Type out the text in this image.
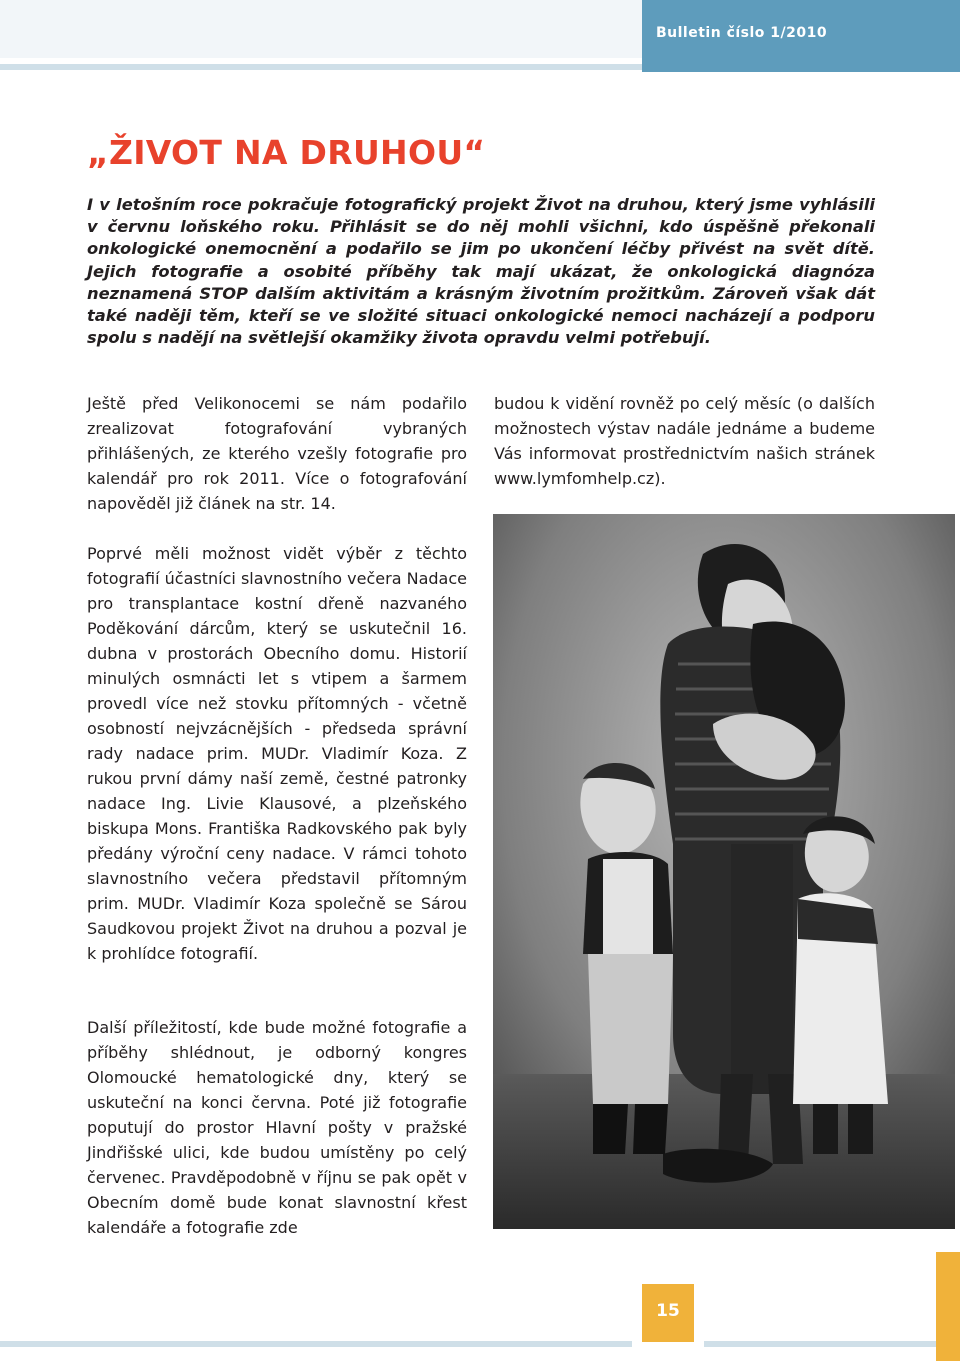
Bulletin číslo 1/2010
„ŽIVOT NA DRUHOU“

I v letošním roce pokračuje fotografický projekt Život na druhou, který jsme vyhlásili v červnu loňského roku. Přihlásit se do něj mohli všichni, kdo úspěšně překonali onkologické onemocnění a podařilo se jim po ukončení léčby přivést na svět dítě. Jejich fotografie a osobité příběhy tak mají ukázat, že onkologická diagnóza neznamená STOP dalším aktivitám a krásným životním prožitkům. Zároveň však dát také naději těm, kteří se ve složité situaci onkologické nemoci nacházejí a podporu spolu s nadějí na světlejší okamžiky života opravdu velmi potřebují.

Ještě před Velikonocemi se nám podařilo zrealizovat fotografování vybraných přihlášených, ze kterého vzešly fotografie pro kalendář pro rok 2011. Více o fotografování napověděl již článek na str. 14.

Poprvé měli možnost vidět výběr z těchto fotografií účastníci slavnostního večera Nadace pro transplantace kostní dřeně nazvaného Poděkování dárcům, který se uskutečnil 16. dubna v prostorách Obecního domu. Historií minulých osmnácti let s vtipem a šarmem provedl více než stovku přítomných - včetně osobností nejvzácnějších - předseda správní rady nadace prim. MUDr. Vladimír Koza. Z rukou první dámy naší země, čestné patronky nadace Ing. Livie Klausové, a plzeňského biskupa Mons. Františka Radkovského pak byly předány výroční ceny nadace. V rámci tohoto slavnostního večera představil přítomným prim. MUDr. Vladimír Koza společně se Sárou Saudkovou projekt Život na druhou a pozval je k prohlídce fotografií.

Další příležitostí, kde bude možné fotografie a příběhy shlédnout, je odborný kongres Olomoucké hematologické dny, který se uskuteční na konci června. Poté již fotografie poputují do prostor Hlavní pošty v pražské Jindřišské ulici, kde budou umístěny po celý červenec. Pravděpodobně v říjnu se pak opět v Obecním domě bude konat slavnostní křest kalendáře a fotografie zde

budou k vidění rovněž po celý měsíc (o dalších možnostech výstav nadále jednáme a budeme Vás informovat prostřednictvím našich stránek www.lymfomhelp.cz).

15
